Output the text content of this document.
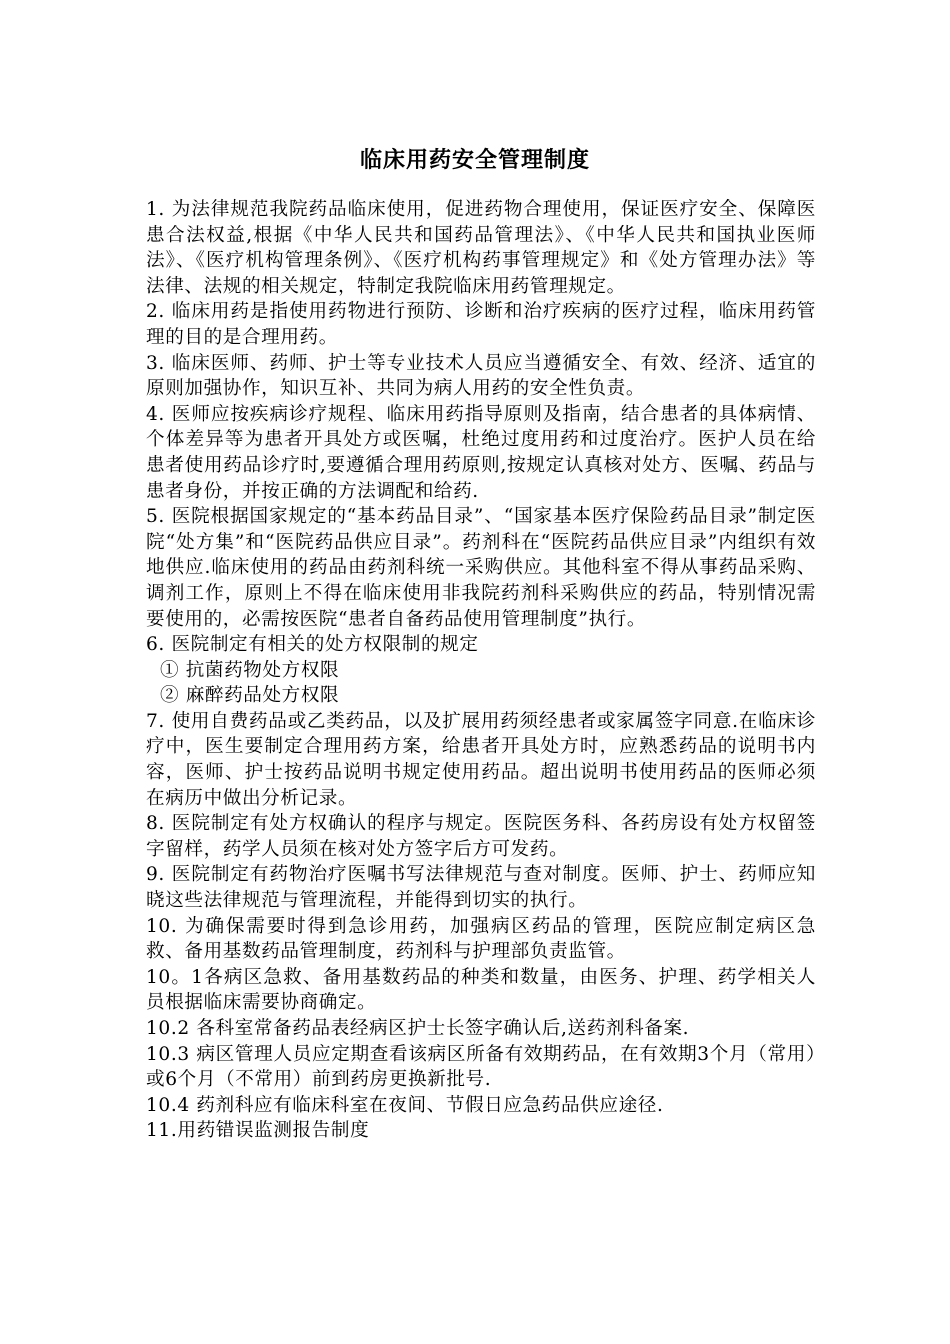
临床用药安全管理制度

1. 为法律规范我院药品临床使用，促进药物合理使用，保证医疗安全、保障医患合法权益,根据《中华人民共和国药品管理法》、《中华人民共和国执业医师法》、《医疗机构管理条例》、《医疗机构药事管理规定》和《处方管理办法》等法律、法规的相关规定，特制定我院临床用药管理规定。

2. 临床用药是指使用药物进行预防、诊断和治疗疾病的医疗过程，临床用药管理的目的是合理用药。

3. 临床医师、药师、护士等专业技术人员应当遵循安全、有效、经济、适宜的原则加强协作，知识互补、共同为病人用药的安全性负责。

4. 医师应按疾病诊疗规程、临床用药指导原则及指南，结合患者的具体病情、个体差异等为患者开具处方或医嘱，杜绝过度用药和过度治疗。医护人员在给患者使用药品诊疗时,要遵循合理用药原则,按规定认真核对处方、医嘱、药品与患者身份，并按正确的方法调配和给药.

5. 医院根据国家规定的“基本药品目录”、“国家基本医疗保险药品目录”制定医院“处方集”和“医院药品供应目录”。药剂科在“医院药品供应目录”内组织有效地供应.临床使用的药品由药剂科统一采购供应。其他科室不得从事药品采购、调剂工作，原则上不得在临床使用非我院药剂科采购供应的药品，特别情况需要使用的，必需按医院“患者自备药品使用管理制度”执行。

6. 医院制定有相关的处方权限制的规定

① 抗菌药物处方权限

② 麻醉药品处方权限

7. 使用自费药品或乙类药品，以及扩展用药须经患者或家属签字同意.在临床诊疗中，医生要制定合理用药方案，给患者开具处方时，应熟悉药品的说明书内容，医师、护士按药品说明书规定使用药品。超出说明书使用药品的医师必须在病历中做出分析记录。

8. 医院制定有处方权确认的程序与规定。医院医务科、各药房设有处方权留签字留样，药学人员须在核对处方签字后方可发药。

9. 医院制定有药物治疗医嘱书写法律规范与查对制度。医师、护士、药师应知晓这些法律规范与管理流程，并能得到切实的执行。

10. 为确保需要时得到急诊用药，加强病区药品的管理，医院应制定病区急救、备用基数药品管理制度，药剂科与护理部负责监管。

10。1各病区急救、备用基数药品的种类和数量，由医务、护理、药学相关人员根据临床需要协商确定。

10.2 各科室常备药品表经病区护士长签字确认后,送药剂科备案.

10.3 病区管理人员应定期查看该病区所备有效期药品，在有效期3个月（常用）或6个月（不常用）前到药房更换新批号.

10.4 药剂科应有临床科室在夜间、节假日应急药品供应途径.

11.用药错误监测报告制度
